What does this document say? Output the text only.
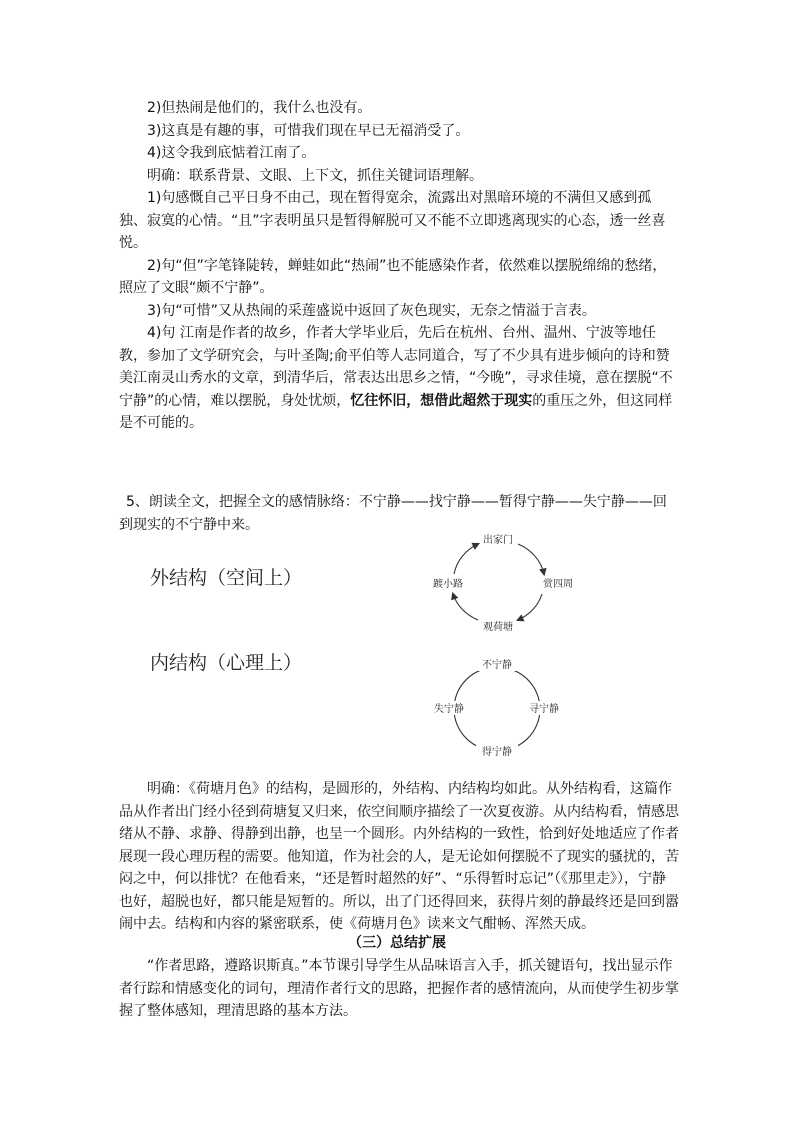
2)但热闹是他们的，我什么也没有。
3)这真是有趣的事，可惜我们现在早已无福消受了。
4)这令我到底惦着江南了。
明确：联系背景、文眼、上下文，抓住关键词语理解。
1)句感慨自己平日身不由己，现在暂得宽余，流露出对黑暗环境的不满但又感到孤独、寂寞的心情。“且”字表明虽只是暂得解脱可又不能不立即逃离现实的心态，透一丝喜悦。
2)句“但”字笔锋陡转，蝉蛙如此“热闹”也不能感染作者，依然难以摆脱绵绵的愁绪，照应了文眼“颇不宁静”。
3)句“可惜”又从热闹的采莲盛说中返回了灰色现实，无奈之情溢于言表。
4)句 江南是作者的故乡，作者大学毕业后，先后在杭州、台州、温州、宁波等地任教，参加了文学研究会，与叶圣陶;俞平伯等人志同道合，写了不少具有进步倾向的诗和赞美江南灵山秀水的文章，到清华后，常表达出思乡之情，“今晚”，寻求佳境，意在摆脱“不宁静”的心情，难以摆脱，身处忧烦，忆往怀旧，想借此超然于现实的重压之外，但这同样是不可能的。
5、朗读全文，把握全文的感情脉络：不宁静——找宁静——暂得宁静——失宁静——回到现实的不宁静中来。
外结构（空间上）
出家门
赏四周
观荷塘
踱小路
内结构（心理上）	不宁静
寻宁静
得宁静
失宁静
明确：《荷塘月色》的结构，是圆形的，外结构、内结构均如此。从外结构看，这篇作品从作者出门经小径到荷塘复又归来，依空间顺序描绘了一次夏夜游。从内结构看，情感思绪从不静、求静、得静到出静，也呈一个圆形。内外结构的一致性，恰到好处地适应了作者展现一段心理历程的需要。他知道，作为社会的人，是无论如何摆脱不了现实的骚扰的，苦闷之中，何以排忧？在他看来，“还是暂时超然的好”、“乐得暂时忘记”（《那里走》），宁静也好，超脱也好，都只能是短暂的。所以，出了门还得回来，获得片刻的静最终还是回到嚣闹中去。结构和内容的紧密联系，使《荷塘月色》读来文气酣畅、浑然天成。
（三）总结扩展
“作者思路，遵路识斯真。”本节课引导学生从品味语言入手，抓关键语句，找出显示作者行踪和情感变化的词句，理清作者行文的思路，把握作者的感情流向，从而使学生初步掌握了整体感知，理清思路的基本方法。
